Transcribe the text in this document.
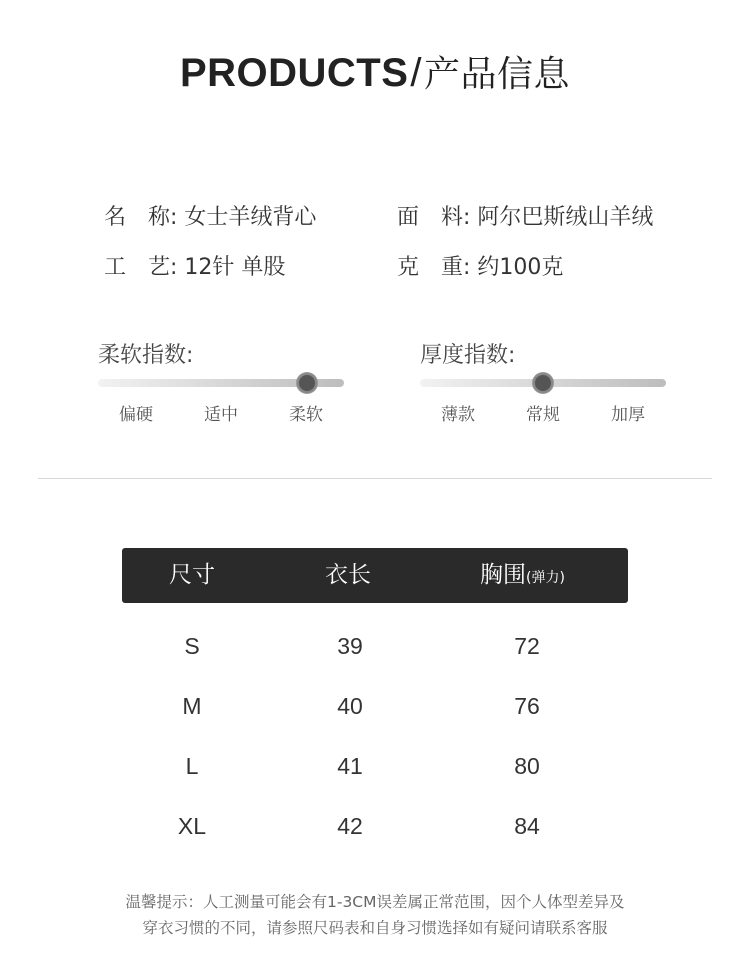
PRODUCTS/产品信息
名　称: 女士羊绒背心	面　料: 阿尔巴斯绒山羊绒
工　艺: 12针 单股	克　重: 约100克
柔软指数:
偏硬	适中	柔软
厚度指数:
薄款	常规	加厚
尺寸	衣长	胸围(弹力)
S	39	72
M	40	76
L	41	80
XL	42	84
温馨提示：人工测量可能会有1-3CM误差属正常范围，因个人体型差异及
穿衣习惯的不同，请参照尺码表和自身习惯选择如有疑问请联系客服
